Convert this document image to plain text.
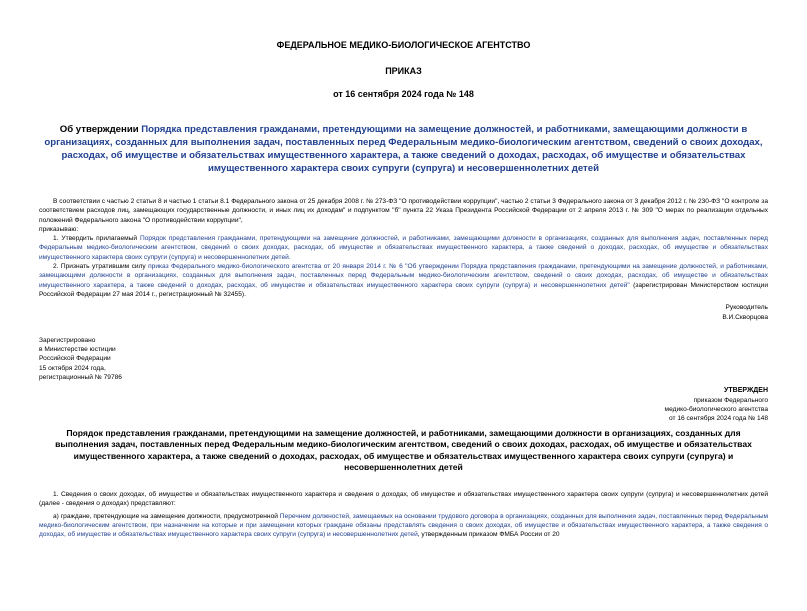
ФЕДЕРАЛЬНОЕ МЕДИКО-БИОЛОГИЧЕСКОЕ АГЕНТСТВО
ПРИКАЗ
от 16 сентября 2024 года № 148
Об утверждении Порядка представления гражданами, претендующими на замещение должностей, и работниками, замещающими должности в организациях, созданных для выполнения задач, поставленных перед Федеральным медико-биологическим агентством, сведений о своих доходах, расходах, об имуществе и обязательствах имущественного характера, а также сведений о доходах, расходах, об имуществе и обязательствах имущественного характера своих супруги (супруга) и несовершеннолетних детей

В соответствии с частью 2 статьи 8 и частью 1 статьи 8.1 Федерального закона от 25 декабря 2008 г. № 273-ФЗ "О противодействии коррупции", частью 2 статьи 3 Федерального закона от 3 декабря 2012 г. № 230-ФЗ "О контроле за соответствием расходов лиц, замещающих государственные должности, и иных лиц их доходам" и подпунктом "б" пункта 22 Указа Президента Российской Федерации от 2 апреля 2013 г. № 309 "О мерах по реализации отдельных положений Федерального закона "О противодействии коррупции",

приказываю:

1. Утвердить прилагаемый Порядок представления гражданами, претендующими на замещение должностей, и работниками, замещающими должности в организациях, созданных для выполнения задач, поставленных перед Федеральным медико-биологическим агентством, сведений о своих доходах, расходах, об имуществе и обязательствах имущественного характера, а также сведений о доходах, расходах, об имуществе и обязательствах имущественного характера своих супруги (супруга) и несовершеннолетних детей.

2. Признать утратившим силу приказ Федерального медико-биологического агентства от 20 января 2014 г. № 6 "Об утверждении Порядка представления гражданами, претендующими на замещение должностей, и работниками, замещающими должности в организациях, созданных для выполнения задач, поставленных перед Федеральным медико-биологическим агентством, сведений о своих доходах, расходах, об имуществе и обязательствах имущественного характера, а также сведений о доходах, расходах, об имуществе и обязательствах имущественного характера своих супруги (супруга) и несовершеннолетних детей" (зарегистрирован Министерством юстиции Российской Федерации 27 мая 2014 г., регистрационный № 32455).

Руководитель

В.И.Скворцова

Зарегистрировано
в Министерстве юстиции
Российской Федерации
15 октября 2024 года,
регистрационный № 79786
УТВЕРЖДЕН
приказом Федерального
медико-биологического агентства
от 16 сентября 2024 года № 148
Порядок представления гражданами, претендующими на замещение должностей, и работниками, замещающими должности в организациях, созданных для выполнения задач, поставленных перед Федеральным медико-биологическим агентством, сведений о своих доходах, расходах, об имуществе и обязательствах имущественного характера, а также сведений о доходах, расходах, об имуществе и обязательствах имущественного характера своих супруги (супруга) и несовершеннолетних детей

1. Сведения о своих доходах, об имуществе и обязательствах имущественного характера и сведения о доходах, об имуществе и обязательствах имущественного характера своих супруги (супруга) и несовершеннолетних детей (далее - сведения о доходах) представляют:

а) граждане, претендующие на замещение должности, предусмотренной Перечнем должностей, замещаемых на основании трудового договора в организациях, созданных для выполнения задач, поставленных перед Федеральным медико-биологическим агентством, при назначении на которые и при замещении которых граждане обязаны представлять сведения о своих доходах, об имуществе и обязательствах имущественного характера, а также сведения о доходах, об имуществе и обязательствах имущественного характера своих супруги (супруга) и несовершеннолетних детей, утвержденным приказом ФМБА России от 20
